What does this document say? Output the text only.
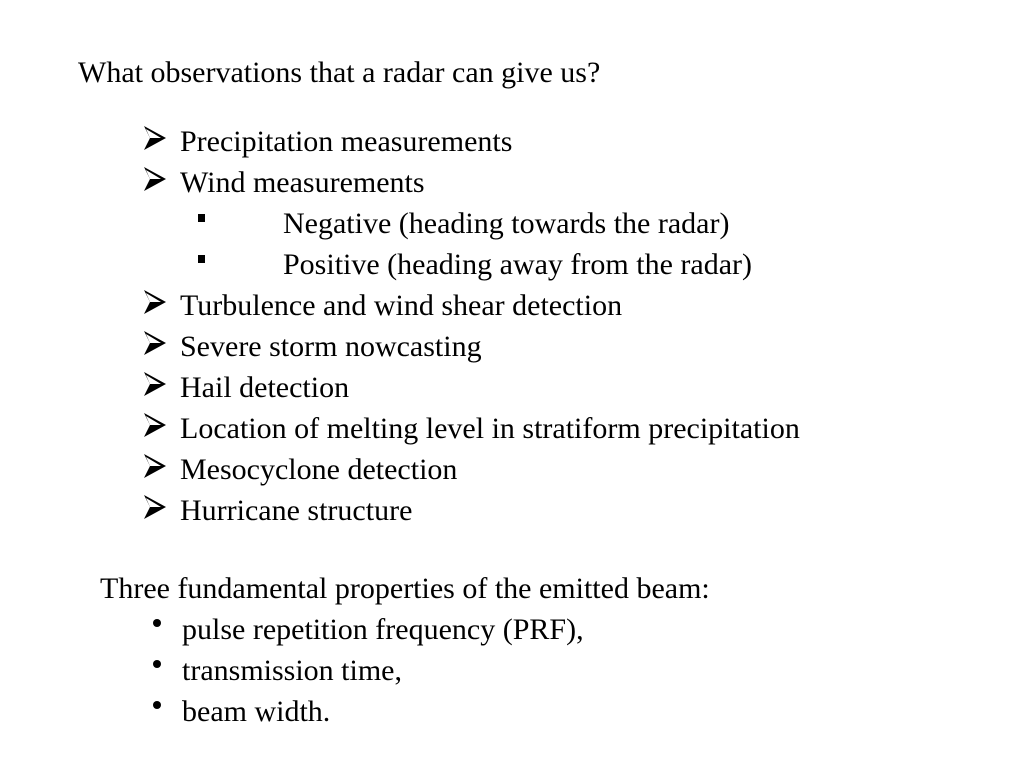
What observations that a radar can give us?
Precipitation measurements
Wind measurements
Negative (heading towards the radar)
Positive (heading away from the radar)
Turbulence and wind shear detection
Severe storm nowcasting
Hail detection
Location of melting level in stratiform precipitation
Mesocyclone detection
Hurricane structure
Three fundamental properties of the emitted beam:
pulse repetition frequency (PRF),
transmission time,
beam width.
